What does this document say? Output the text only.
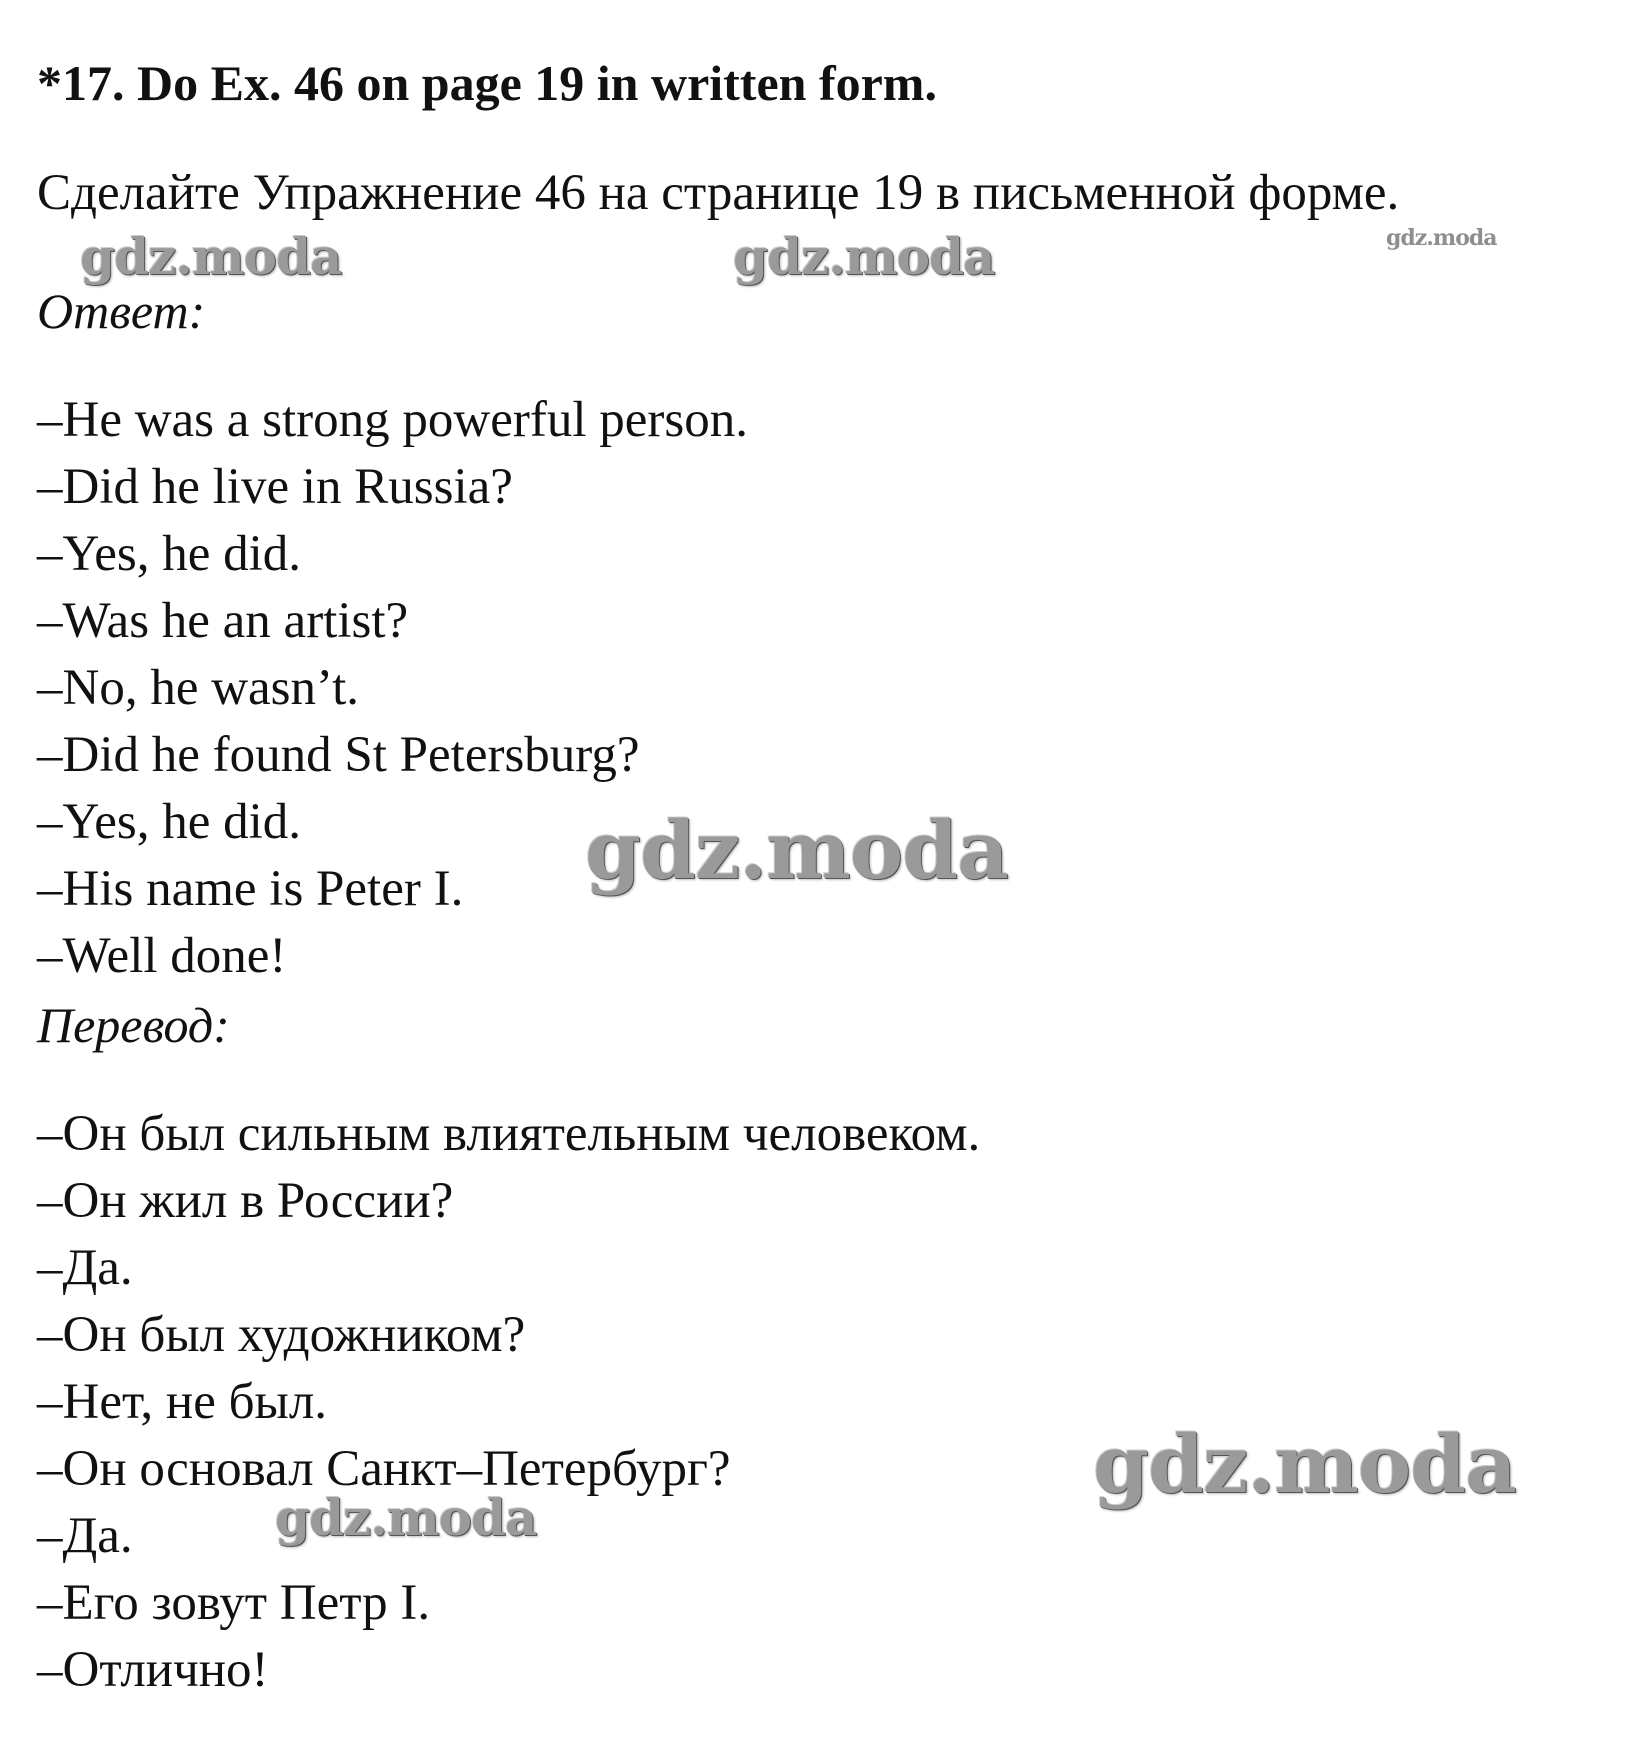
*17. Do Ex. 46 on page 19 in written form.
Сделайте Упражнение 46 на странице 19 в письменной форме.
Ответ:
–He was a strong powerful person.
–Did he live in Russia?
–Yes, he did.
–Was he an artist?
–No, he wasn’t.
–Did he found St Petersburg?
–Yes, he did.
–His name is Peter I.
–Well done!
Перевод:
–Он был сильным влиятельным человеком.
–Он жил в России?
–Да.
–Он был художником?
–Нет, не был.
–Он основал Санкт–Петербург?
–Да.
–Его зовут Петр I.
–Отлично!
gdz.moda	gdz.moda	gdz.moda
gdz.moda
gdz.moda
gdz.moda
